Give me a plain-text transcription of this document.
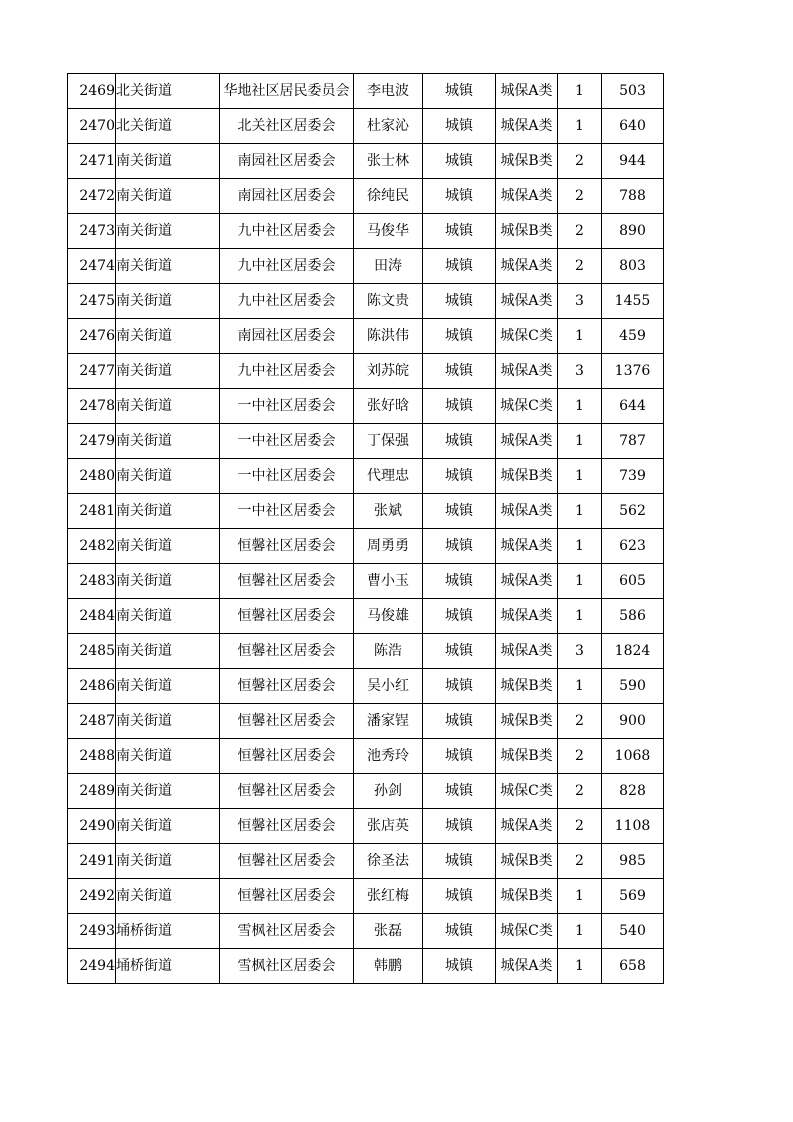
2469	北关街道	华地社区居民委员会	李电波	城镇	城保A类	1	503
2470	北关街道	北关社区居委会	杜家沁	城镇	城保A类	1	640
2471	南关街道	南园社区居委会	张士林	城镇	城保B类	2	944
2472	南关街道	南园社区居委会	徐纯民	城镇	城保A类	2	788
2473	南关街道	九中社区居委会	马俊华	城镇	城保B类	2	890
2474	南关街道	九中社区居委会	田涛	城镇	城保A类	2	803
2475	南关街道	九中社区居委会	陈文贵	城镇	城保A类	3	1455
2476	南关街道	南园社区居委会	陈洪伟	城镇	城保C类	1	459
2477	南关街道	九中社区居委会	刘苏皖	城镇	城保A类	3	1376
2478	南关街道	一中社区居委会	张好晗	城镇	城保C类	1	644
2479	南关街道	一中社区居委会	丁保强	城镇	城保A类	1	787
2480	南关街道	一中社区居委会	代理忠	城镇	城保B类	1	739
2481	南关街道	一中社区居委会	张斌	城镇	城保A类	1	562
2482	南关街道	恒馨社区居委会	周勇勇	城镇	城保A类	1	623
2483	南关街道	恒馨社区居委会	曹小玉	城镇	城保A类	1	605
2484	南关街道	恒馨社区居委会	马俊雄	城镇	城保A类	1	586
2485	南关街道	恒馨社区居委会	陈浩	城镇	城保A类	3	1824
2486	南关街道	恒馨社区居委会	吴小红	城镇	城保B类	1	590
2487	南关街道	恒馨社区居委会	潘家锃	城镇	城保B类	2	900
2488	南关街道	恒馨社区居委会	池秀玲	城镇	城保B类	2	1068
2489	南关街道	恒馨社区居委会	孙剑	城镇	城保C类	2	828
2490	南关街道	恒馨社区居委会	张店英	城镇	城保A类	2	1108
2491	南关街道	恒馨社区居委会	徐圣法	城镇	城保B类	2	985
2492	南关街道	恒馨社区居委会	张红梅	城镇	城保B类	1	569
2493	埇桥街道	雪枫社区居委会	张磊	城镇	城保C类	1	540
2494	埇桥街道	雪枫社区居委会	韩鹏	城镇	城保A类	1	658
